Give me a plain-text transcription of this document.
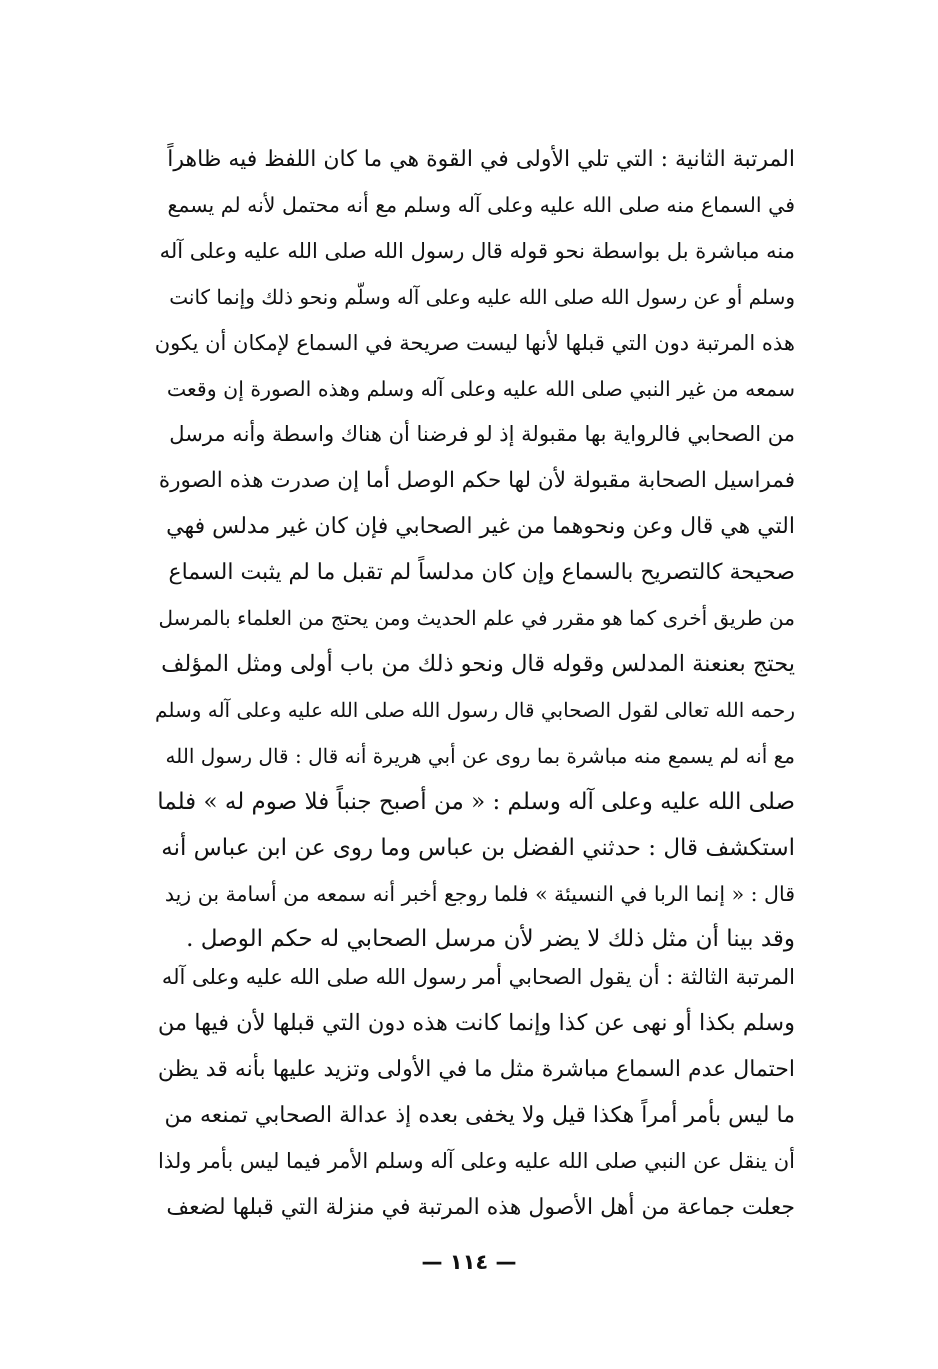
المرتبة الثانية : التي تلي الأولى في القوة هي ما كان اللفظ فيه ظاهراً
في السماع منه صلى الله عليه وعلى آله وسلم مع أنه محتمل لأنه لم يسمع
منه مباشرة بل بواسطة نحو قوله قال رسول الله صلى الله عليه وعلى آله
وسلم أو عن رسول الله صلى الله عليه وعلى آله وسلّم ونحو ذلك وإنما كانت
هذه المرتبة دون التي قبلها لأنها ليست صريحة في السماع لإمكان أن يكون
سمعه من غير النبي صلى الله عليه وعلى آله وسلم وهذه الصورة إن وقعت
من الصحابي فالرواية بها مقبولة إذ لو فرضنا أن هناك واسطة وأنه مرسل
فمراسيل الصحابة مقبولة لأن لها حكم الوصل أما إن صدرت هذه الصورة
التي هي قال وعن ونحوهما من غير الصحابي فإن كان غير مدلس فهي
صحيحة كالتصريح بالسماع وإن كان مدلساً لم تقبل ما لم يثبت السماع
من طريق أخرى كما هو مقرر في علم الحديث ومن يحتج من العلماء بالمرسل
يحتج بعنعنة المدلس وقوله قال ونحو ذلك من باب أولى ومثل المؤلف
رحمه الله تعالى لقول الصحابي قال رسول الله صلى الله عليه وعلى آله وسلم
مع أنه لم يسمع منه مباشرة بما روى عن أبي هريرة أنه قال : قال رسول الله
صلى الله عليه وعلى آله وسلم : « من أصبح جنباً فلا صوم له » فلما
استكشف قال : حدثني الفضل بن عباس وما روى عن ابن عباس أنه
قال : « إنما الربا في النسيئة » فلما روجع أخبر أنه سمعه من أسامة بن زيد
وقد بينا أن مثل ذلك لا يضر لأن مرسل الصحابي له حكم الوصل .
المرتبة الثالثة : أن يقول الصحابي أمر رسول الله صلى الله عليه وعلى آله
وسلم بكذا أو نهى عن كذا وإنما كانت هذه دون التي قبلها لأن فيها من
احتمال عدم السماع مباشرة مثل ما في الأولى وتزيد عليها بأنه قد يظن
ما ليس بأمر أمراً هكذا قيل ولا يخفى بعده إذ عدالة الصحابي تمنعه من
أن ينقل عن النبي صلى الله عليه وعلى آله وسلم الأمر فيما ليس بأمر ولذا
جعلت جماعة من أهل الأصول هذه المرتبة في منزلة التي قبلها لضعف
— ١١٤ —
